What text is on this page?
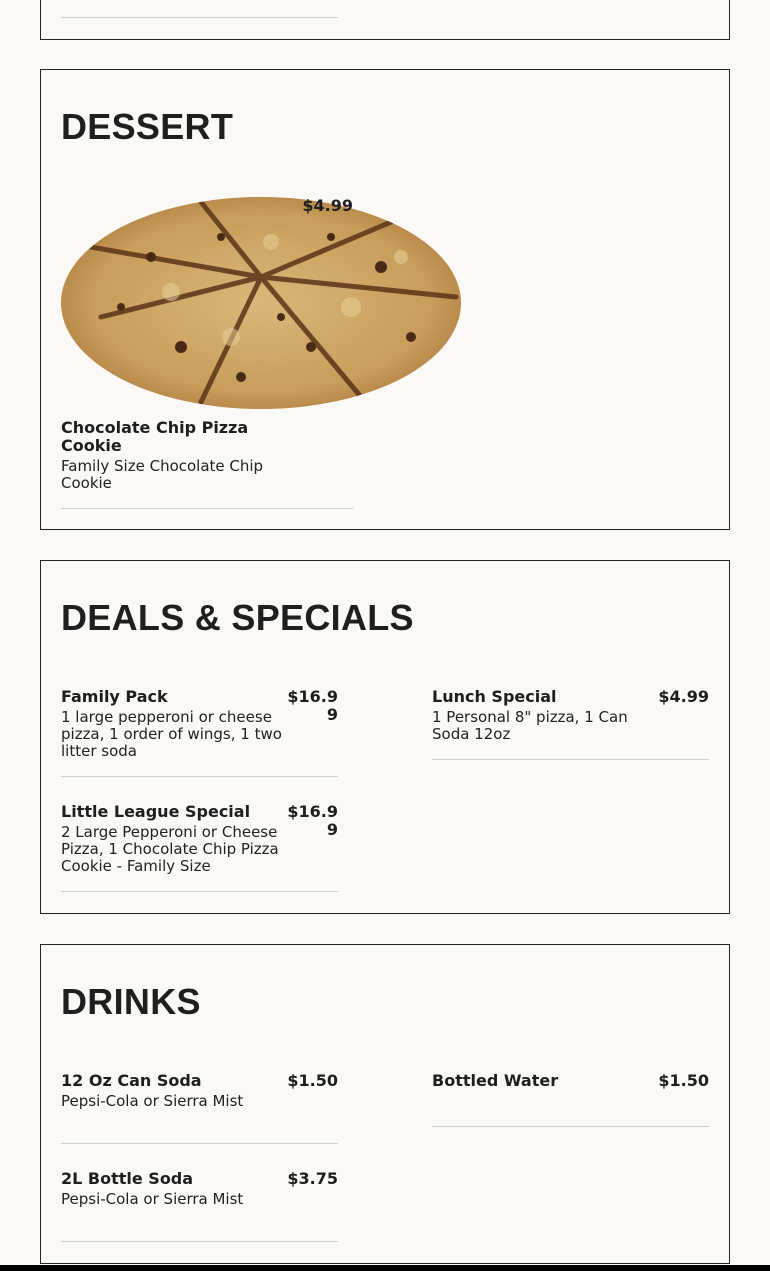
DESSERT
$4.99
Chocolate Chip Pizza Cookie
Family Size Chocolate Chip Cookie
DEALS & SPECIALS
Family Pack	$16.99
1 large pepperoni or cheese pizza, 1 order of wings, 1 two litter soda
Lunch Special	$4.99
1 Personal 8" pizza, 1 Can Soda 12oz
Little League Special	$16.99
2 Large Pepperoni or Cheese Pizza, 1 Chocolate Chip Pizza Cookie - Family Size
DRINKS
12 Oz Can Soda	$1.50
Pepsi-Cola or Sierra Mist
Bottled Water	$1.50
2L Bottle Soda	$3.75
Pepsi-Cola or Sierra Mist
